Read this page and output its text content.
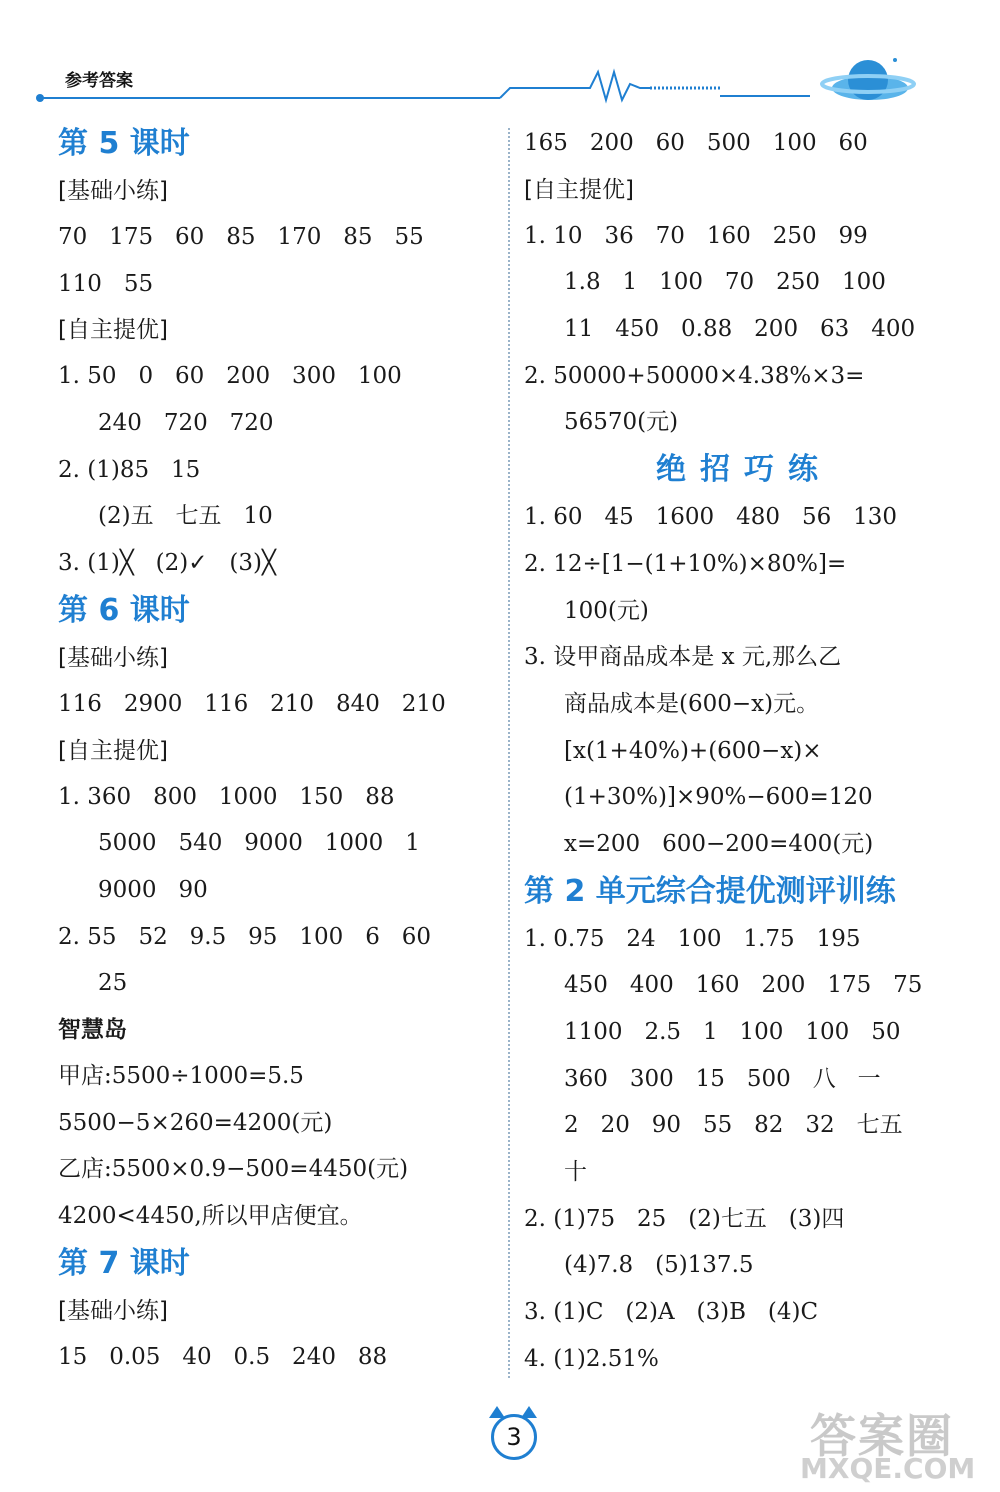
参考答案
第 5 课时
[基础小练]
70   175   60   85   170   85   55
110   55
[自主提优]
1. 50   0   60   200   300   100
240   720   720
2. (1)85   15
(2)五   七五   10
3. (1)╳   (2)✓   (3)╳
第 6 课时
[基础小练]
116   2900   116   210   840   210
[自主提优]
1. 360   800   1000   150   88
5000   540   9000   1000   1
9000   90
2. 55   52   9.5   95   100   6   60
25
智慧岛
甲店:5500÷1000=5.5
5500−5×260=4200(元)
乙店:5500×0.9−500=4450(元)
4200<4450,所以甲店便宜。
第 7 课时
[基础小练]
15   0.05   40   0.5   240   88
165   200   60   500   100   60
[自主提优]
1. 10   36   70   160   250   99
1.8   1   100   70   250   100
11   450   0.88   200   63   400
2. 50000+50000×4.38%×3=
56570(元)
绝招巧练
1. 60   45   1600   480   56   130
2. 12÷[1−(1+10%)×80%]=
100(元)
3. 设甲商品成本是 x 元,那么乙
商品成本是(600−x)元。
[x(1+40%)+(600−x)×
(1+30%)]×90%−600=120
x=200   600−200=400(元)
第 2 单元综合提优测评训练
1. 0.75   24   100   1.75   195
450   400   160   200   175   75
1100   2.5   1   100   100   50
360   300   15   500   八   一
2   20   90   55   82   32   七五
十
2. (1)75   25   (2)七五   (3)四
(4)7.8   (5)137.5
3. (1)C   (2)A   (3)B   (4)C
4. (1)2.51%
3	答案圈
MXQE.COM
